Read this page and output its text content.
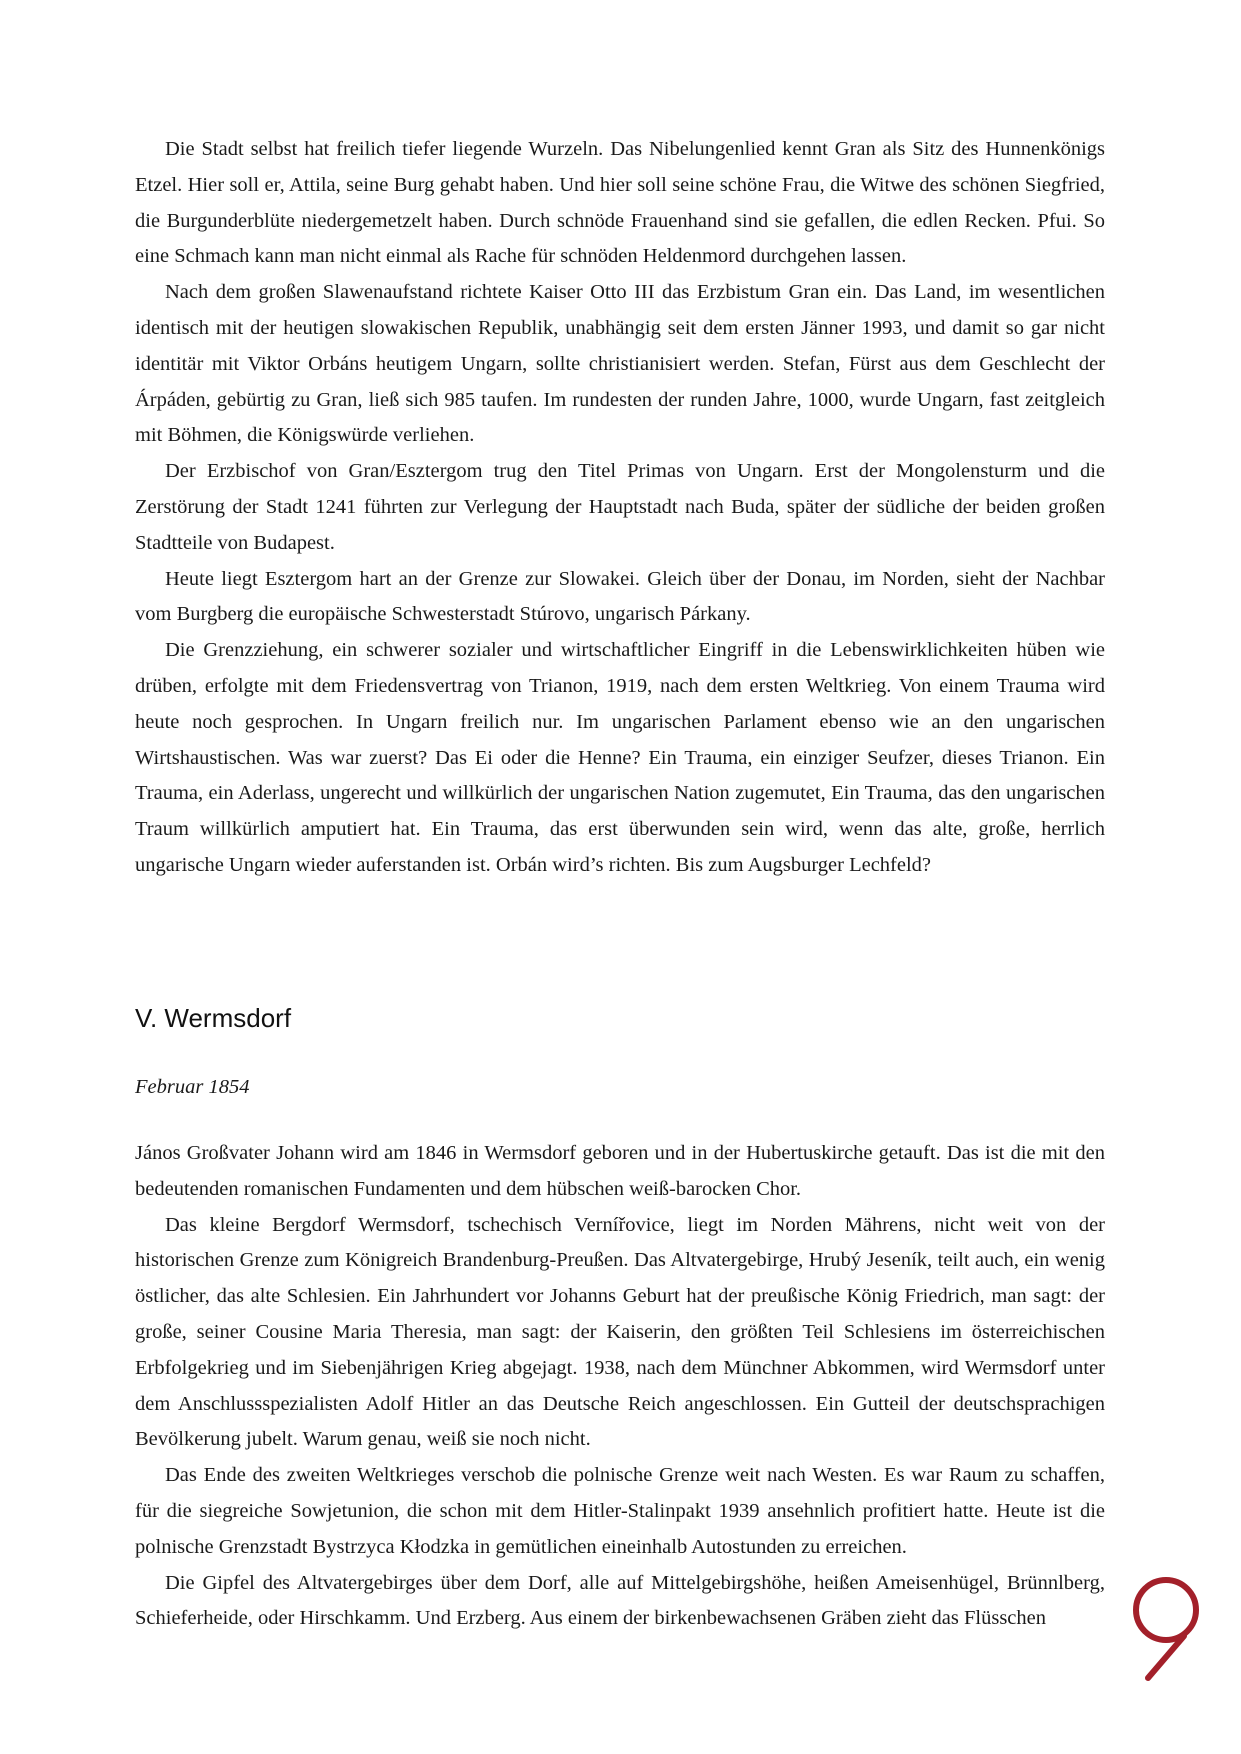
Die Stadt selbst hat freilich tiefer liegende Wurzeln. Das Nibelungenlied kennt Gran als Sitz des Hunnenkönigs Etzel. Hier soll er, Attila, seine Burg gehabt haben. Und hier soll seine schöne Frau, die Witwe des schönen Siegfried, die Burgunderblüte niedergemetzelt haben. Durch schnöde Frauenhand sind sie gefallen, die edlen Recken. Pfui. So eine Schmach kann man nicht einmal als Rache für schnöden Heldenmord durchgehen lassen.

Nach dem großen Slawenaufstand richtete Kaiser Otto III das Erzbistum Gran ein. Das Land, im wesentlichen identisch mit der heutigen slowakischen Republik, unabhängig seit dem ersten Jänner 1993, und damit so gar nicht identitär mit Viktor Orbáns heutigem Ungarn, sollte christianisiert werden. Stefan, Fürst aus dem Geschlecht der Árpáden, gebürtig zu Gran, ließ sich 985 taufen. Im rundesten der runden Jahre, 1000, wurde Ungarn, fast zeitgleich mit Böhmen, die Königswürde verliehen.

Der Erzbischof von Gran/Esztergom trug den Titel Primas von Ungarn. Erst der Mongolensturm und die Zerstörung der Stadt 1241 führten zur Verlegung der Hauptstadt nach Buda, später der südliche der beiden großen Stadtteile von Budapest.

Heute liegt Esztergom hart an der Grenze zur Slowakei. Gleich über der Donau, im Norden, sieht der Nachbar vom Burgberg die europäische Schwesterstadt Stúrovo, ungarisch Párkany.

Die Grenzziehung, ein schwerer sozialer und wirtschaftlicher Eingriff in die Lebenswirklichkeiten hüben wie drüben, erfolgte mit dem Friedensvertrag von Trianon, 1919, nach dem ersten Weltkrieg. Von einem Trauma wird heute noch gesprochen. In Ungarn freilich nur. Im ungarischen Parlament ebenso wie an den ungarischen Wirtshaustischen. Was war zuerst? Das Ei oder die Henne? Ein Trauma, ein einziger Seufzer, dieses Trianon. Ein Trauma, ein Aderlass, ungerecht und willkürlich der ungarischen Nation zugemutet, Ein Trauma, das den ungarischen Traum willkürlich amputiert hat. Ein Trauma, das erst überwunden sein wird, wenn das alte, große, herrlich ungarische Ungarn wieder auferstanden ist. Orbán wird’s richten. Bis zum Augsburger Lechfeld?

V. Wermsdorf
Februar 1854

János Großvater Johann wird am 1846 in Wermsdorf geboren und in der Hubertuskirche getauft. Das ist die mit den bedeutenden romanischen Fundamenten und dem hübschen weiß-barocken Chor.

Das kleine Bergdorf Wermsdorf, tschechisch Vernířovice, liegt im Norden Mährens, nicht weit von der historischen Grenze zum Königreich Brandenburg-Preußen. Das Altvatergebirge, Hrubý Jeseník, teilt auch, ein wenig östlicher, das alte Schlesien. Ein Jahrhundert vor Johanns Geburt hat der preußische König Friedrich, man sagt: der große, seiner Cousine Maria Theresia, man sagt: der Kaiserin, den größten Teil Schlesiens im österreichischen Erbfolgekrieg und im Siebenjährigen Krieg abgejagt. 1938, nach dem Münchner Abkommen, wird Wermsdorf unter dem Anschlussspezialisten Adolf Hitler an das Deutsche Reich angeschlossen. Ein Gutteil der deutschsprachigen Bevölkerung jubelt. Warum genau, weiß sie noch nicht.

Das Ende des zweiten Weltkrieges verschob die polnische Grenze weit nach Westen. Es war Raum zu schaffen, für die siegreiche Sowjetunion, die schon mit dem Hitler-Stalinpakt 1939 ansehnlich profitiert hatte. Heute ist die polnische Grenzstadt Bystrzyca Kłodzka in gemütlichen eineinhalb Autostunden zu erreichen.

Die Gipfel des Altvatergebirges über dem Dorf, alle auf Mittelgebirgshöhe, heißen Ameisenhügel, Brünnlberg, Schieferheide, oder Hirschkamm. Und Erzberg. Aus einem der birkenbewachsenen Gräben zieht das Flüsschen
